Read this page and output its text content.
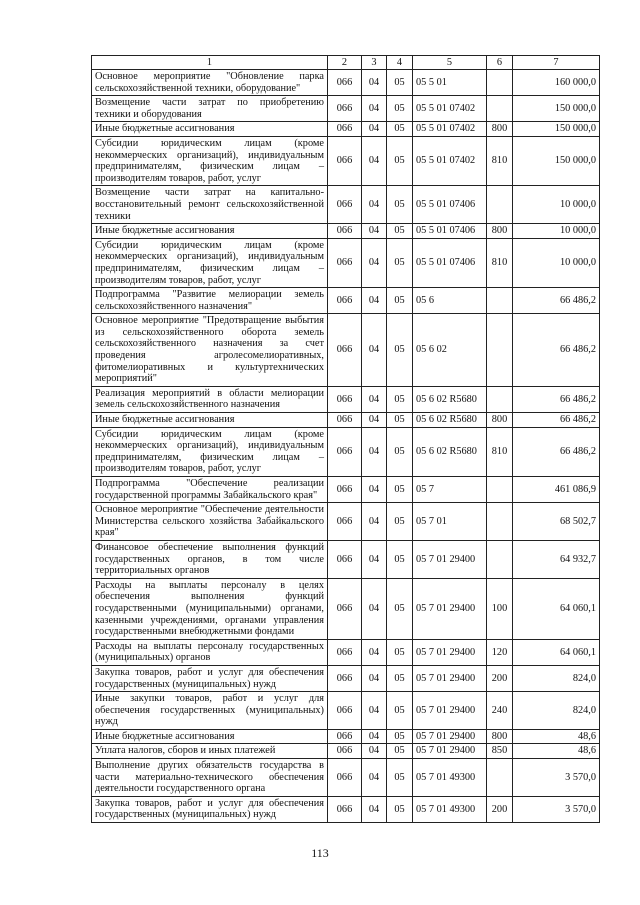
1	2	3	4	5	6	7
Основное мероприятие "Обновление парка сельскохозяйственной техники, оборудование"	066	04	05	05 5 01		160 000,0
Возмещение части затрат по приобретению техники и оборудования	066	04	05	05 5 01 07402		150 000,0
Иные бюджетные ассигнования	066	04	05	05 5 01 07402	800	150 000,0
Субсидии юридическим лицам (кроме некоммерческих организаций), индивидуальным предпринимателям, физическим лицам – производителям товаров, работ, услуг	066	04	05	05 5 01 07402	810	150 000,0
Возмещение части затрат на капитально-восстановительный ремонт сельскохозяйственной техники	066	04	05	05 5 01 07406		10 000,0
Иные бюджетные ассигнования	066	04	05	05 5 01 07406	800	10 000,0
Субсидии юридическим лицам (кроме некоммерческих организаций), индивидуальным предпринимателям, физическим лицам – производителям товаров, работ, услуг	066	04	05	05 5 01 07406	810	10 000,0
Подпрограмма "Развитие мелиорации земель сельскохозяйственного назначения"	066	04	05	05 6		66 486,2
Основное мероприятие "Предотвращение выбытия из сельскохозяйственного оборота земель сельскохозяйственного назначения за счет проведения агролесомелиоративных, фитомелиоративных и культуртехнических мероприятий"	066	04	05	05 6 02		66 486,2
Реализация мероприятий в области мелиорации земель сельскохозяйственного назначения	066	04	05	05 6 02 R5680		66 486,2
Иные бюджетные ассигнования	066	04	05	05 6 02 R5680	800	66 486,2
Субсидии юридическим лицам (кроме некоммерческих организаций), индивидуальным предпринимателям, физическим лицам – производителям товаров, работ, услуг	066	04	05	05 6 02 R5680	810	66 486,2
Подпрограмма "Обеспечение реализации государственной программы Забайкальского края"	066	04	05	05 7		461 086,9
Основное мероприятие "Обеспечение деятельности Министерства сельского хозяйства Забайкальского края"	066	04	05	05 7 01		68 502,7
Финансовое обеспечение выполнения функций государственных органов, в том числе территориальных органов	066	04	05	05 7 01 29400		64 932,7
Расходы на выплаты персоналу в целях обеспечения выполнения функций государственными (муниципальными) органами, казенными учреждениями, органами управления государственными внебюджетными фондами	066	04	05	05 7 01 29400	100	64 060,1
Расходы на выплаты персоналу государственных (муниципальных) органов	066	04	05	05 7 01 29400	120	64 060,1
Закупка товаров, работ и услуг для обеспечения государственных (муниципальных) нужд	066	04	05	05 7 01 29400	200	824,0
Иные закупки товаров, работ и услуг для обеспечения государственных (муниципальных) нужд	066	04	05	05 7 01 29400	240	824,0
Иные бюджетные ассигнования	066	04	05	05 7 01 29400	800	48,6
Уплата налогов, сборов и иных платежей	066	04	05	05 7 01 29400	850	48,6
Выполнение других обязательств государства в части материально-технического обеспечения деятельности государственного органа	066	04	05	05 7 01 49300		3 570,0
Закупка товаров, работ и услуг для обеспечения государственных (муниципальных) нужд	066	04	05	05 7 01 49300	200	3 570,0
113
